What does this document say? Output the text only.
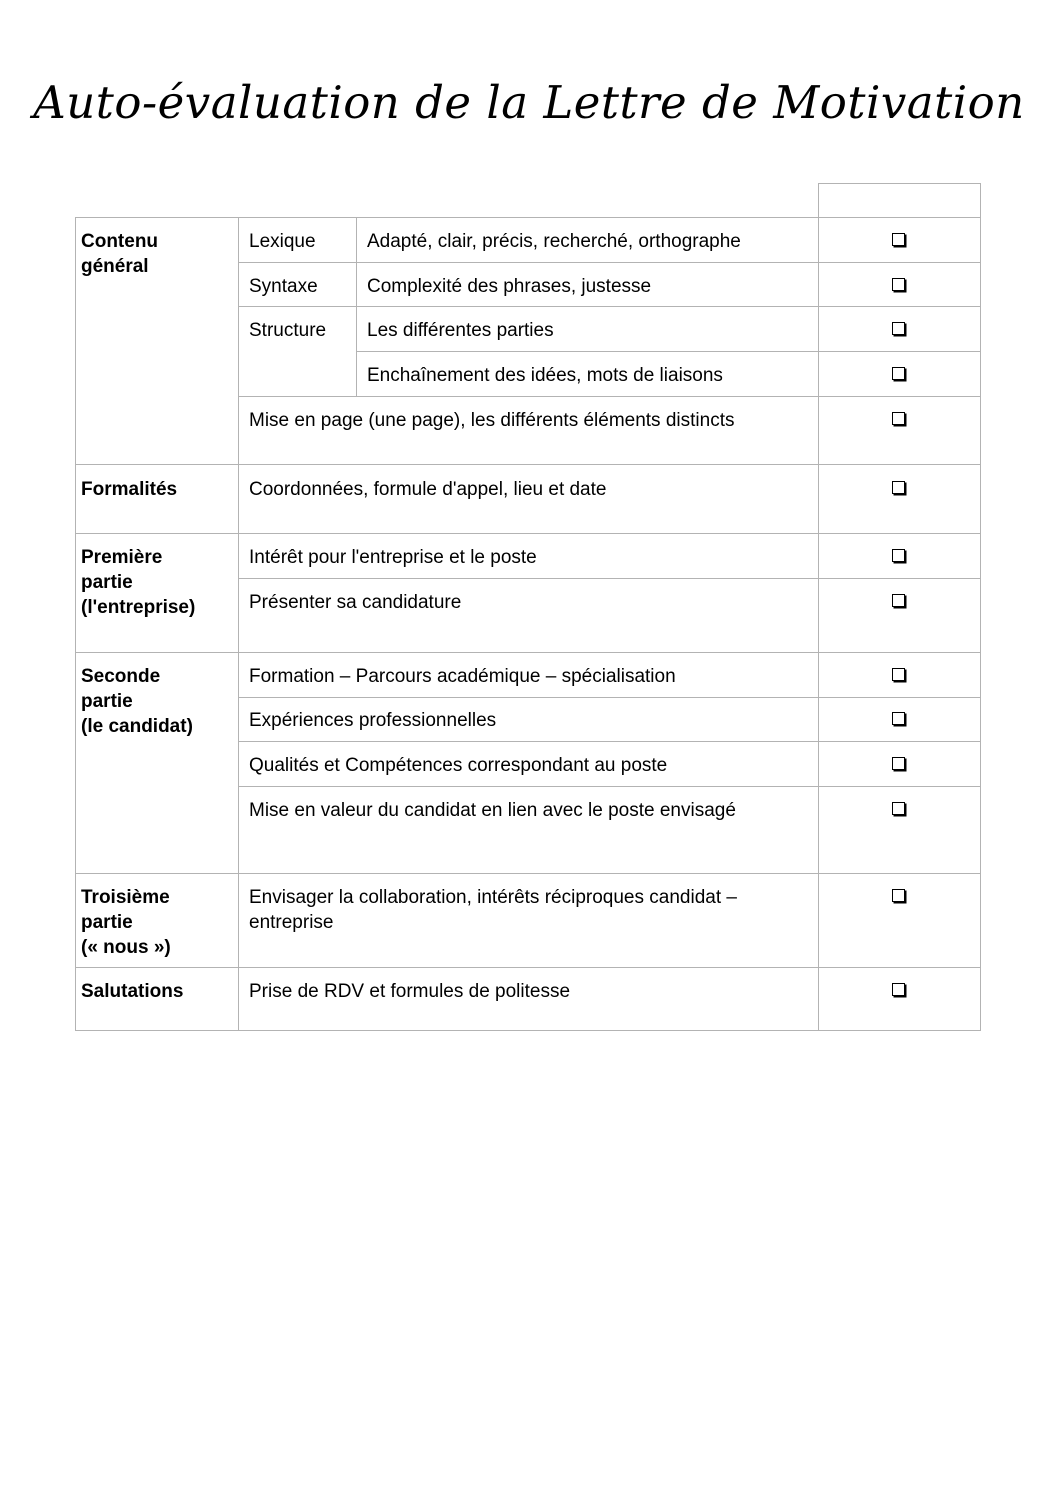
Auto-évaluation de la Lettre de Motivation
Contenu
général
Formalités
Première
partie
(l'entreprise)
Seconde
partie
(le candidat)
Troisième
partie
(« nous »)
Salutations
Lexique
Syntaxe
Structure
Adapté, clair, précis, recherché, orthographe
Complexité des phrases, justesse
Les différentes parties
Enchaînement des idées, mots de liaisons
Mise en page (une page), les différents éléments distincts
Coordonnées, formule d'appel, lieu et date
Intérêt pour l'entreprise et le poste
Présenter sa candidature
Formation – Parcours académique – spécialisation
Expériences professionnelles
Qualités et Compétences correspondant au poste
Mise en valeur du candidat en lien avec le poste envisagé
Envisager la collaboration, intérêts réciproques candidat –
entreprise
Prise de RDV et formules de politesse
